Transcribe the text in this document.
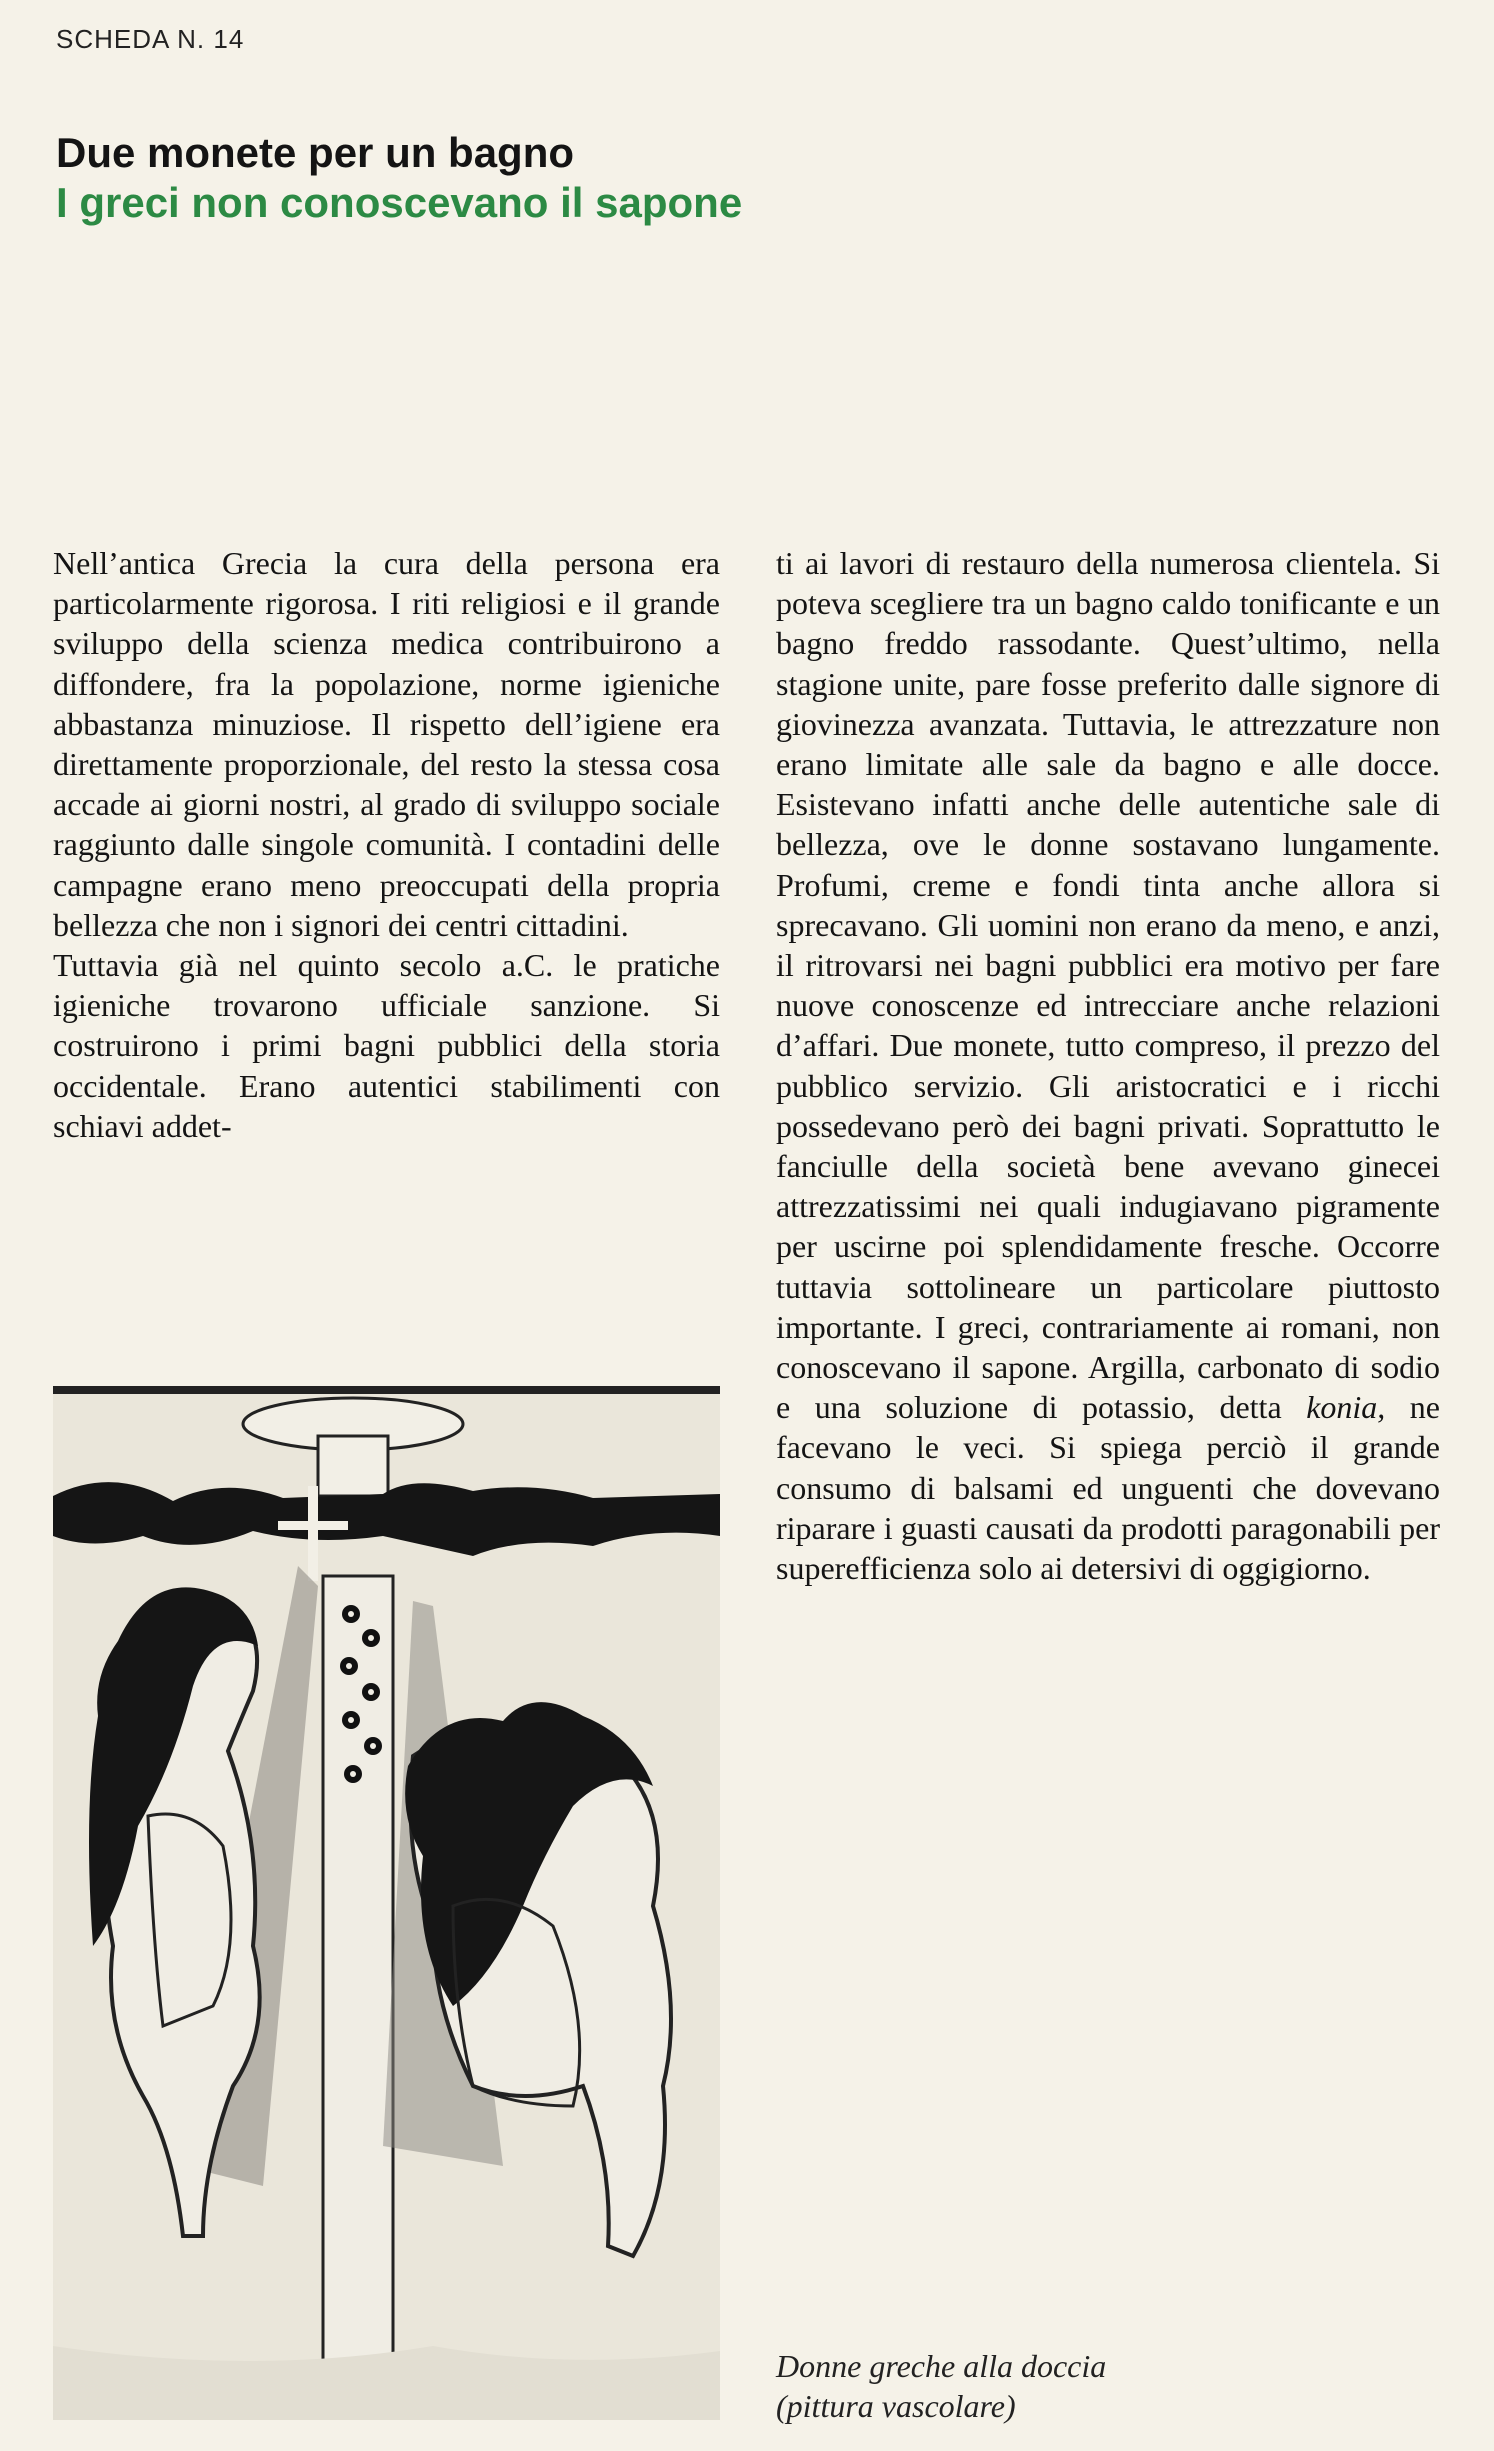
SCHEDA N. 14
Due monete per un bagno
I greci non conoscevano il sapone

Nell’antica Grecia la cura della persona era particolarmente rigorosa. I riti religiosi e il grande sviluppo della scienza medica contribuirono a diffondere, fra la popolazione, norme igieniche abbastanza minuziose. Il rispetto dell’igiene era direttamente proporzionale, del resto la stessa cosa accade ai giorni nostri, al grado di sviluppo sociale raggiunto dalle singole comunità. I contadini delle campagne erano meno preoccupati della propria bellezza che non i signori dei centri cittadini.

Tuttavia già nel quinto secolo a.C. le pratiche igieniche trovarono ufficiale sanzione. Si costruirono i primi bagni pubblici della storia occidentale. Erano autentici stabilimenti con schiavi addet-

ti ai lavori di restauro della numerosa clientela. Si poteva scegliere tra un bagno caldo tonificante e un bagno freddo rassodante. Quest’ultimo, nella stagione unite, pare fosse preferito dalle signore di giovinezza avanzata. Tuttavia, le attrezzature non erano limitate alle sale da bagno e alle docce. Esistevano infatti anche delle autentiche sale di bellezza, ove le donne sostavano lungamente. Profumi, creme e fondi tinta anche allora si sprecavano. Gli uomini non erano da meno, e anzi, il ritrovarsi nei bagni pubblici era motivo per fare nuove conoscenze ed intrecciare anche relazioni d’affari. Due monete, tutto compreso, il prezzo del pubblico servizio. Gli aristocratici e i ricchi possedevano però dei bagni privati. Soprattutto le fanciulle della società bene avevano gineceі attrezzatissimi nei quali indugiavano pigramente per uscirne poi splendidamente fresche. Occorre tuttavia sottolineare un particolare piuttosto importante. I greci, contrariamente ai romani, non conoscevano il sapone. Argilla, carbonato di sodio e una soluzione di potassio, detta konia, ne facevano le veci. Si spiega perciò il grande consumo di balsami ed unguenti che dovevano riparare i guasti causati da prodotti paragonabili per superefficienza solo ai detersivi di oggigiorno.

Donne greche alla doccia

(pittura vascolare)
